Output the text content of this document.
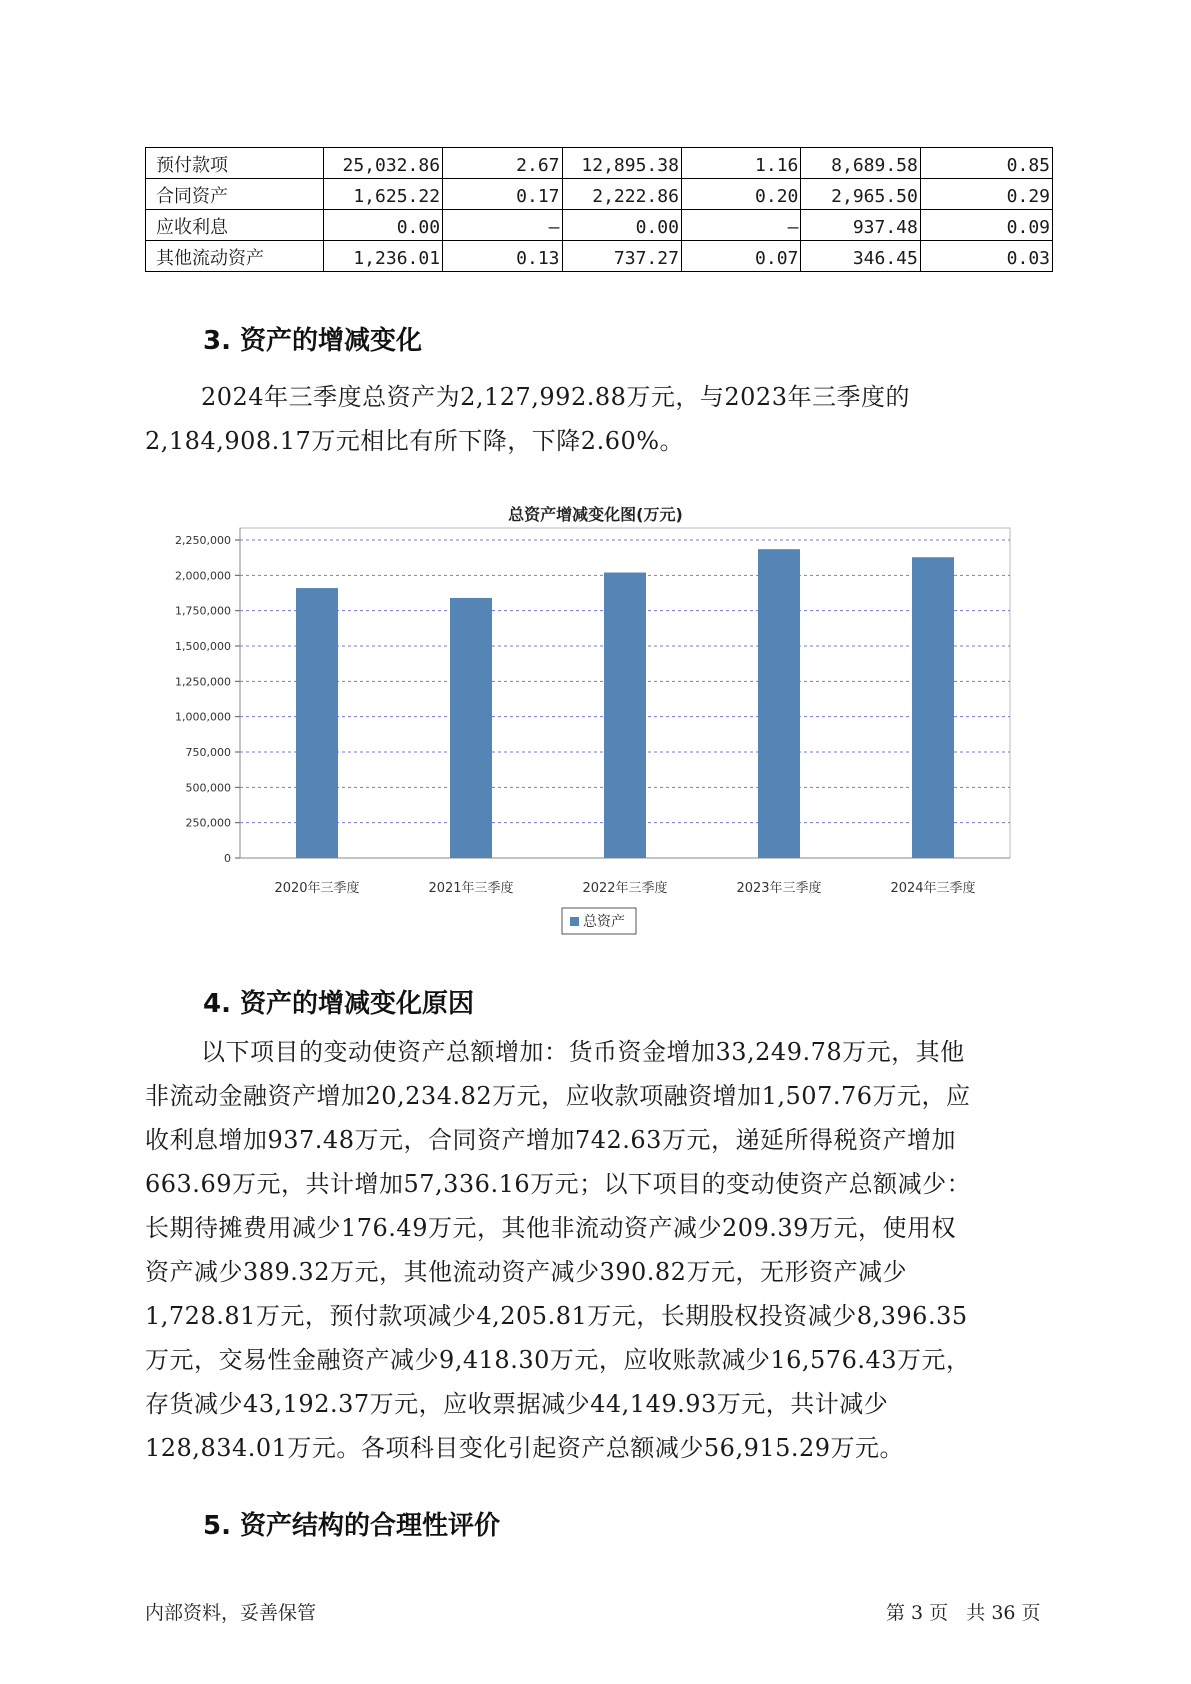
预付款项	25,032.86	2.67	12,895.38	1.16	8,689.58	0.85
合同资产	1,625.22	0.17	2,222.86	0.20	2,965.50	0.29
应收利息	0.00	–	0.00	–	937.48	0.09
其他流动资产	1,236.01	0.13	737.27	0.07	346.45	0.03
3. 资产的增减变化
2024年三季度总资产为2,127,992.88万元，与2023年三季度的
2,184,908.17万元相比有所下降，下降2.60%。
总资产增减变化图(万元)
0
250,000
500,000
750,000
1,000,000
1,250,000
1,500,000
1,750,000
2,000,000
2,250,000
2020年三季度	2021年三季度	2022年三季度	2023年三季度	2024年三季度
总资产
4. 资产的增减变化原因
以下项目的变动使资产总额增加：货币资金增加33,249.78万元，其他
非流动金融资产增加20,234.82万元，应收款项融资增加1,507.76万元，应
收利息增加937.48万元，合同资产增加742.63万元，递延所得税资产增加
663.69万元，共计增加57,336.16万元；以下项目的变动使资产总额减少：
长期待摊费用减少176.49万元，其他非流动资产减少209.39万元，使用权
资产减少389.32万元，其他流动资产减少390.82万元，无形资产减少
1,728.81万元，预付款项减少4,205.81万元，长期股权投资减少8,396.35
万元，交易性金融资产减少9,418.30万元，应收账款减少16,576.43万元，
存货减少43,192.37万元，应收票据减少44,149.93万元，共计减少
128,834.01万元。各项科目变化引起资产总额减少56,915.29万元。
5. 资产结构的合理性评价
内部资料，妥善保管	第 3 页   共 36 页
